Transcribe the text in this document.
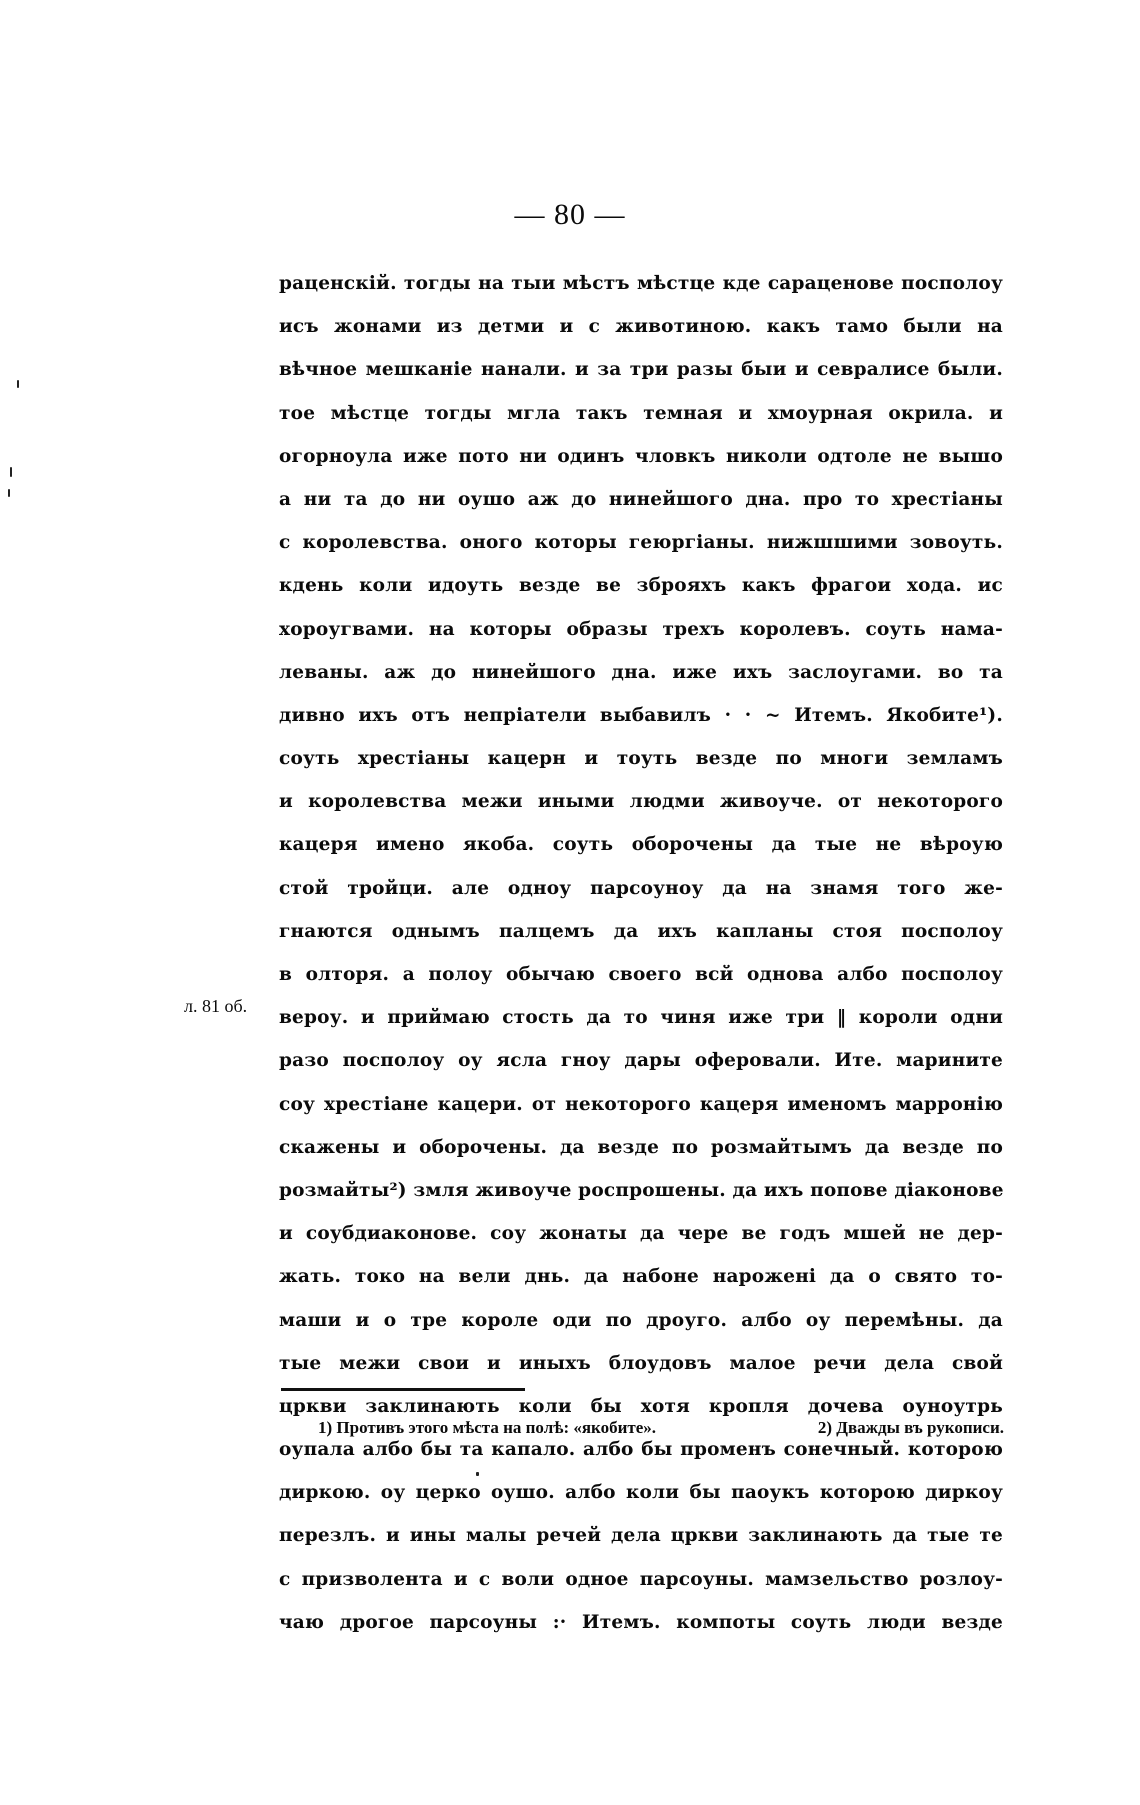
— 80 —
раценскій. тогды на тыи мѣстъ мѣстце кде сараценове посполоу
исъ жонами из детми и с животиною. какъ тамо были на
вѣчное мешканіе нанали. и за три разы быи и севралисе были.
тое мѣстце тогды мгла такъ темная и хмоурная окрила. и
огорноула иже пото ни одинъ чловкъ николи одтоле не вышо
а ни та до ни оушо аж до нинейшого дна. про то хрестіаны
с королевства. оного которы геюргіаны. нижшшими зовоуть.
кдень коли идоуть везде ве зброяхъ какъ фрагои хода. ис
хороугвами. на которы образы трехъ королевъ. соуть нама-
леваны. аж до нинейшого дна. иже ихъ заслоугами. во та
дивно ихъ отъ непріатели выбавилъ · · ~ Итемъ. Якобите¹).
соуть хрестіаны кацерн и тоуть везде по многи земламъ
и королевства межи иными людми живоуче. от некоторого
кацеря имено якоба. соуть оборочены да тые не вѣроую
стой тройци. але одноу парсоуноу да на знамя того же-
гнаются однымъ палцемъ да ихъ капланы стоя посполоу
в олторя. а полоу обычаю своего всй однова албо посполоу
вероу. и приймаю стость да то чиня иже три ‖ короли одни
л. 81 об.
разо посполоу оу ясла гноу дары оферовали. Ите. марините
соу хрестіане кацери. от некоторого кацеря именомъ марронію
скажены и оборочены. да везде по розмайтымъ да везде по
розмайты²) змля живоуче роспрошены. да ихъ попове діаконове
и соубдиаконове. соу жонаты да чере ве годъ мшей не дер-
жать. токо на вели днь. да набоне нарожені да о свято то-
маши и о тре короле оди по дроуго. албо оу перемѣны. да
тые межи свои и иныхъ блоудовъ малое речи дела свой
цркви заклинають коли бы хотя кропля дочева оуноутрь
оупала албо бы та капало. албо бы променъ сонечный. которою
диркою. оу церко оушо. албо коли бы паоукъ которою диркоу
перезлъ. и ины малы речей дела цркви заклинають да тые те
с призволента и с воли одное парсоуны. мамзельство розлоу-
чаю дрогое парсоуны :· Итемъ. компоты соуть люди везде
1) Противъ этого мѣста на полѣ: «якобите».	2) Дважды въ рукописи.
